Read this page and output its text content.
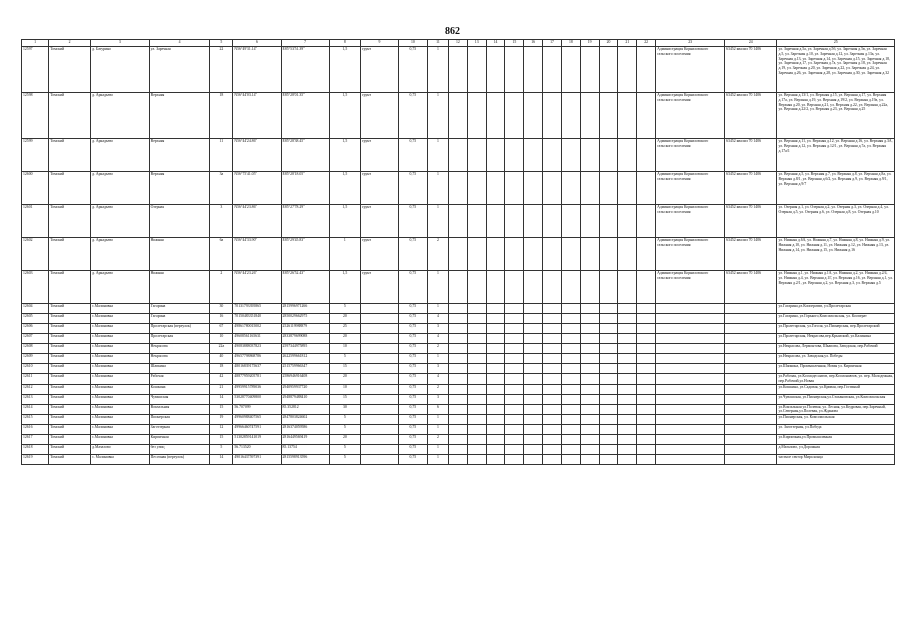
862
1	2	3	4	5	6	7	8	9	10	11	12	13	14	15	16	17	18	19	20	21	22	23	24	25
12597	Томский	д. Батурино	ул. Заречная	22	N56°49'31.14"	E85°53'51.39"	1,5	грунт	0,75	1												Администрация Корниловского сельского поселения	63452 квалил 70 1406	ул. Заречная д.5а, ул. Заречная д.5б, ул. Заречная д.5в, ул. Заречная д.5, ул. Заречная д.10, ул. Заречная д.12, ул. Заречная д.13а, ул. Заречная д.13, ул. Заречная д.14, ул. Заречная д.15, ул. Заречная д.18, ул. Заречная д.17, ул. Заречная д.7а, ул. Заречная д.18, ул. Заречная д.19, ул. Заречная д.20, ул. Заречная д.22, ул. Заречная д.24, ул. Заречная д.26, ул. Заречная д.28, ул. Заречная д.30, ул. Заречная д.32
12598	Томский	д. Аркадьево	Верхняя	18	N56°44'03.14"	E85°28'01.35"	1,5	грунт	0,75	1												Администрация Корниловского сельского поселения	63452 квалил 70 1406	ул. Верхняя д.13/1, ул. Верхняя д.15, ул. Верхняя д.17, ул. Верхняя д.17а, ул. Верхняя д.19, ул. Верхняя д.19/2, ул. Верхняя д.19а, ул. Верхняя д.20, ул. Верхняя д.21, ул. Верхняя д.22, ул. Верхняя д.22а, ул. Верхняя д.22/2, ул. Верхняя д.23, ул. Верхняя д.25
12599	Томский	д. Аркадьево	Верхняя	11	N56°44'24.86"	E85°28'38.45"	1,5	грунт	0,75	1												Администрация Корниловского сельского поселения	63452 квалил 70 1406	ул. Верхняя д.11, ул. Верхняя д.12, ул. Верхняя д.16, ул. Верхняя д.3А, ул. Верхняя д.12, ул. Верхняя д.12/1, ул. Верхняя д.7а, ул. Верхняя д.17а/1
12600	Томский	д. Аркадьево	Верхняя	3а	N56°75'41.05"	E85°28'18.05"	1,5	грунт	0,75	1												Администрация Корниловского сельского поселения	63452 квалил 70 1406	ул. Верхняя д.5, ул. Верхняя д.7, ул. Верхняя д.8, ул. Верхняя д.8а, ул. Верхняя д.8/1, ул. Верхняя д.6/2, ул. Верхняя д.9, ул. Верхняя д.9/1, ул. Верхняя д.9/7
12601	Томский	д. Аркадьево	Озерная	3	N56°44'23.86"	E85°27'78.29"	1,5	грунт	0,75	1												Администрация Корниловского сельского поселения	63452 квалил 70 1406	ул. Озерная д.1, ул. Озерная д.2, ул. Озерная д.3, ул. Озерная д.4, ул. Озерная д.5, ул. Озерная д.6, ул. Озерная д.8, ул. Озерная д.10
12602	Томский	д. Аркадьево	Нижняя	6а	N56°44'33.90"	E85°29'45.83"	1	грунт	0,75	2												Администрация Корниловского сельского поселения	63452 квалил 70 1406	ул. Нижняя д.6А, ул. Нижняя д.7, ул. Нижняя д.8, ул. Нижняя д.9, ул. Нижняя д.10, ул. Нижняя д.11, ул. Нижняя д.12, ул. Нижняя д.13, ул. Нижняя д.14, ул. Нижняя д.15, ул. Нижняя д.16
12603	Томский	д. Аркадьево	Нижняя	2	N56°44'23.26"	E85°26'52.43"	1,5	грунт	0,75	1												Администрация Корниловского сельского поселения	63452 квалил 70 1406	ул. Нижняя д.1, ул. Нижняя д.1А, ул. Нижняя д.2, ул. Нижняя д.2/4, ул. Нижняя д.4, ул. Верхняя д.1Г, ул. Верхняя д.16, ул. Верхняя д.1, ул. Верхняя д.2/1, ул. Верхняя д.2, ул. Верхняя д.3, ул. Верхняя д.5
12604	Томский	с.Малиновка	Гагарина	30	70131793395865	2815996971266	5		0,75	1														ул.Гагарина,ул.Кооператив, ул.Пролетарская
12605	Томский	с.Малиновка	Гагарина	16	70150483351840	2850029662975	20		0,75	4														ул.Гагарина, ул.Горького,Комсомольская, ул. Кооперат
12606	Томский	с.Малиновка	Пролетарская (переулок)	67	49861780015002	2526119988879	25		0,75	3														ул.Пролетарская, ул.Гоголя, ул.Пионерская, пер.Пролетарский
12607	Томский	с.Малиновка	Пролетарская	10	49608561165631	2833879699088	20		0,75	4														ул.Пролетарская, Некрасова,пер.Крымский, ул.Калинина
12608	Томский	с.Малиновка	Некрасова	22а	49083888037823	2597344975895	10		0,75	2														ул.Некрасова, Лермонтова, Шкапова, Заводская, пер.Рабочий
12609	Томский	с.Малиновка	Некрасова	40	49657798868786	2622599661812	5		0,75	1														ул.Некрасова, ул. Заводская,ул. Победы
12610	Томский	с.Малиновка	Шапкина	18	48016839175637	2515759966347	15		0,75	3														ул.Шапкина, Промышленная, Новая ул. Кирпичная
12611	Томский	с.Малиновка	Рабочая	42	48877959205781	2586946916408	20		0,75	4														ул.Рабочая, ул.Космодесантов, пер.Космонавтов, ул. пер. Молодежная, пер.Рабочий,ул.Новая
12612	Томский	с.Малиновка	Кошкина	21	49959915789036	2940959937720	10		0,75	2														ул.Кошкина, ул.Садовая, ул.Кривая, пер.Гостиный
12613	Томский	с.Малиновка	Чувашская	14	53028770409800	2948879488410	15		0,75	3														ул.Чувашская, ул.Пионерская,ул.Стахановская, ул.Комсомольская
12614	Томский	с.Малиновка	Вокзальная	15	56.707099	85.352812	30		0,75	6														ул.Вокзальная ул.Полевая, ул. Лесная, ул.Кедровая, пер.Заречный, ул.Северная,ул.Полевая, ул.Жданова
12615	Томский	с.Малиновка	Пионерская	19	49960988407565	2847803824602	5		0,75	1														ул.Пионерская, ул. Комсомольская
12616	Томский	с.Малиновка	Заготзерная	12	49966460747591	2816374059586	5		0,75	1														ул. Заготзерная, ул.Победа
12617	Томский	с.Малиновка	Кирпичная	15	51302859141019	2816449569419	20		0,75	2														ул.Кирпичная,ул.Промышленная
12618	Томский	д.Мазалово	без улиц	5	56.713520	85.13754	5		0,75	1														д.Мазалово, ул.Дорожная
12619	Томский	с. Малиновка	Песочная (переулок)	14	49016437597391	2815598913596	5		0,75	1														частное сектор Мира конца
